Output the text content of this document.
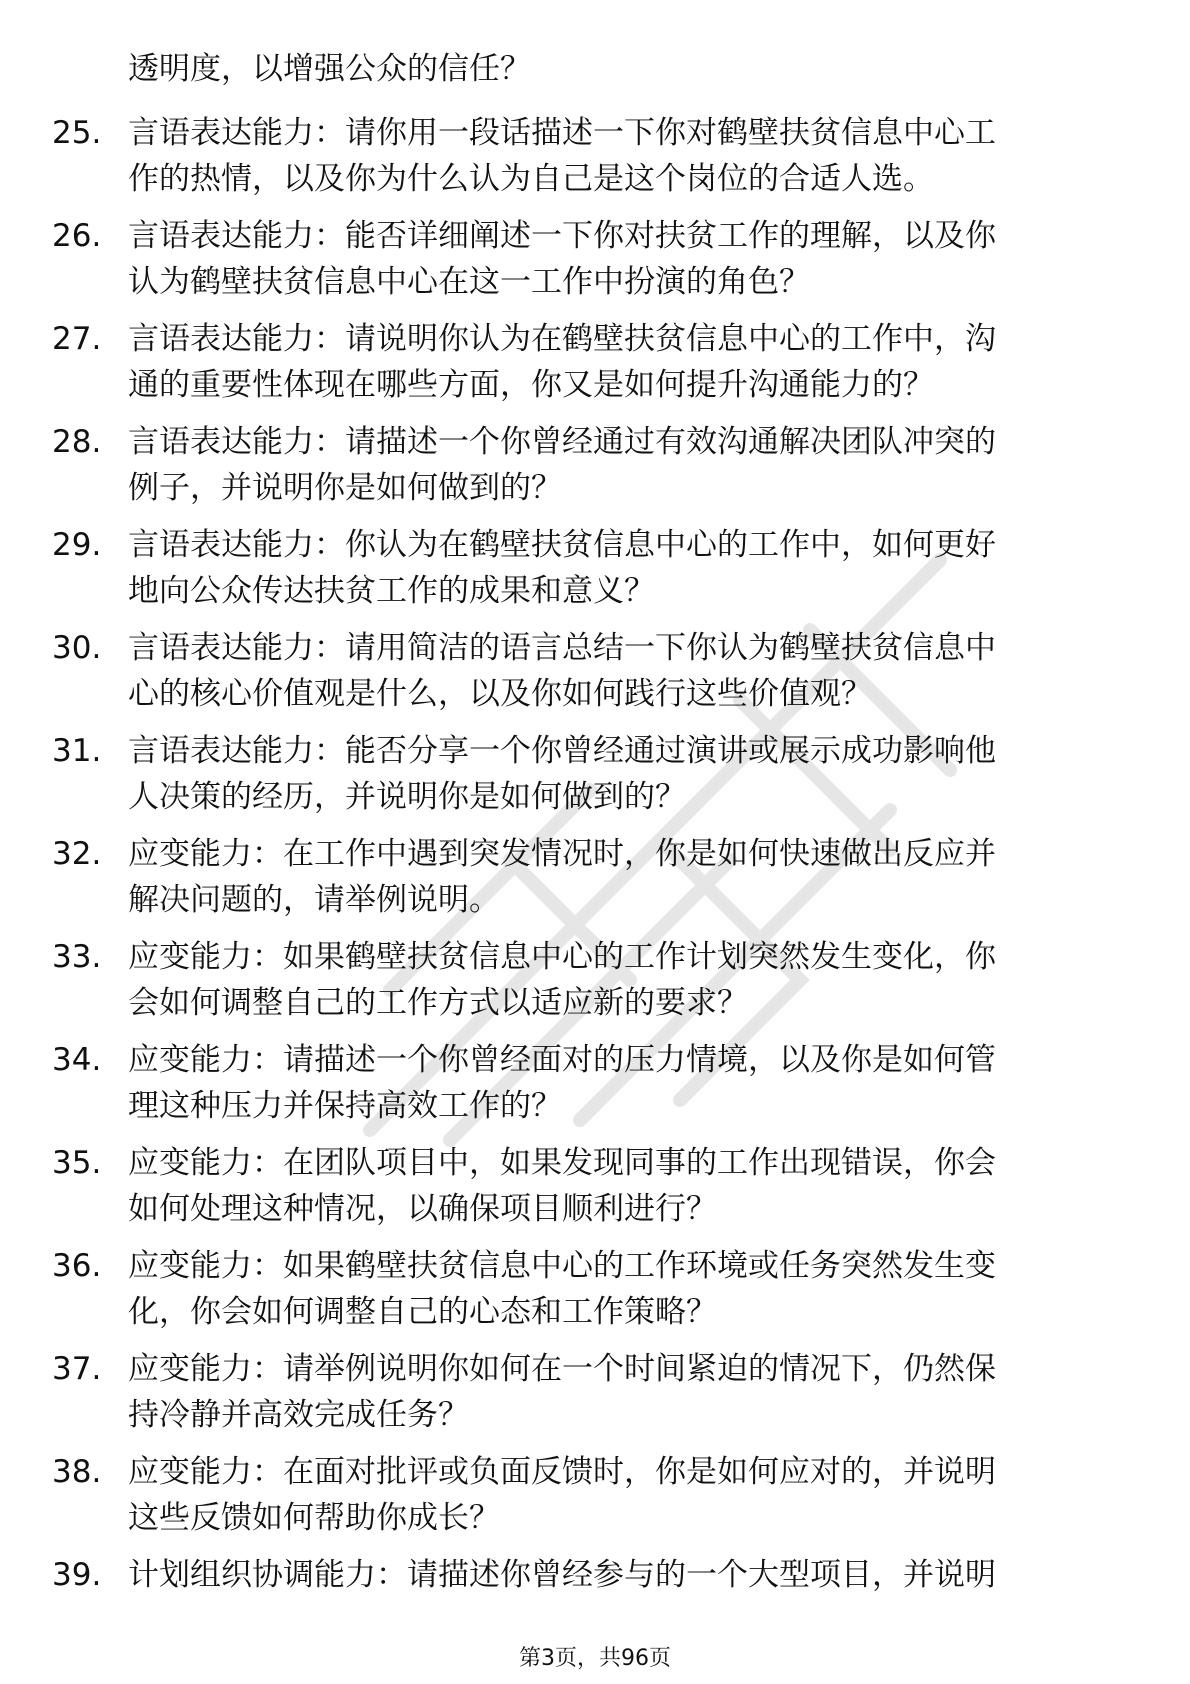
透明度，以增强公众的信任？
25. 言语表达能力：请你用一段话描述一下你对鹤壁扶贫信息中心工
作的热情，以及你为什么认为自己是这个岗位的合适人选。
26. 言语表达能力：能否详细阐述一下你对扶贫工作的理解，以及你
认为鹤壁扶贫信息中心在这一工作中扮演的角色？
27. 言语表达能力：请说明你认为在鹤壁扶贫信息中心的工作中，沟
通的重要性体现在哪些方面，你又是如何提升沟通能力的？
28. 言语表达能力：请描述一个你曾经通过有效沟通解决团队冲突的
例子，并说明你是如何做到的？
29. 言语表达能力：你认为在鹤壁扶贫信息中心的工作中，如何更好
地向公众传达扶贫工作的成果和意义？
30. 言语表达能力：请用简洁的语言总结一下你认为鹤壁扶贫信息中
心的核心价值观是什么，以及你如何践行这些价值观？
31. 言语表达能力：能否分享一个你曾经通过演讲或展示成功影响他
人决策的经历，并说明你是如何做到的？
32. 应变能力：在工作中遇到突发情况时，你是如何快速做出反应并
解决问题的，请举例说明。
33. 应变能力：如果鹤壁扶贫信息中心的工作计划突然发生变化，你
会如何调整自己的工作方式以适应新的要求？
34. 应变能力：请描述一个你曾经面对的压力情境，以及你是如何管
理这种压力并保持高效工作的？
35. 应变能力：在团队项目中，如果发现同事的工作出现错误，你会
如何处理这种情况，以确保项目顺利进行？
36. 应变能力：如果鹤壁扶贫信息中心的工作环境或任务突然发生变
化，你会如何调整自己的心态和工作策略？
37. 应变能力：请举例说明你如何在一个时间紧迫的情况下，仍然保
持冷静并高效完成任务？
38. 应变能力：在面对批评或负面反馈时，你是如何应对的，并说明
这些反馈如何帮助你成长？
39. 计划组织协调能力：请描述你曾经参与的一个大型项目，并说明
第3页，共96页
